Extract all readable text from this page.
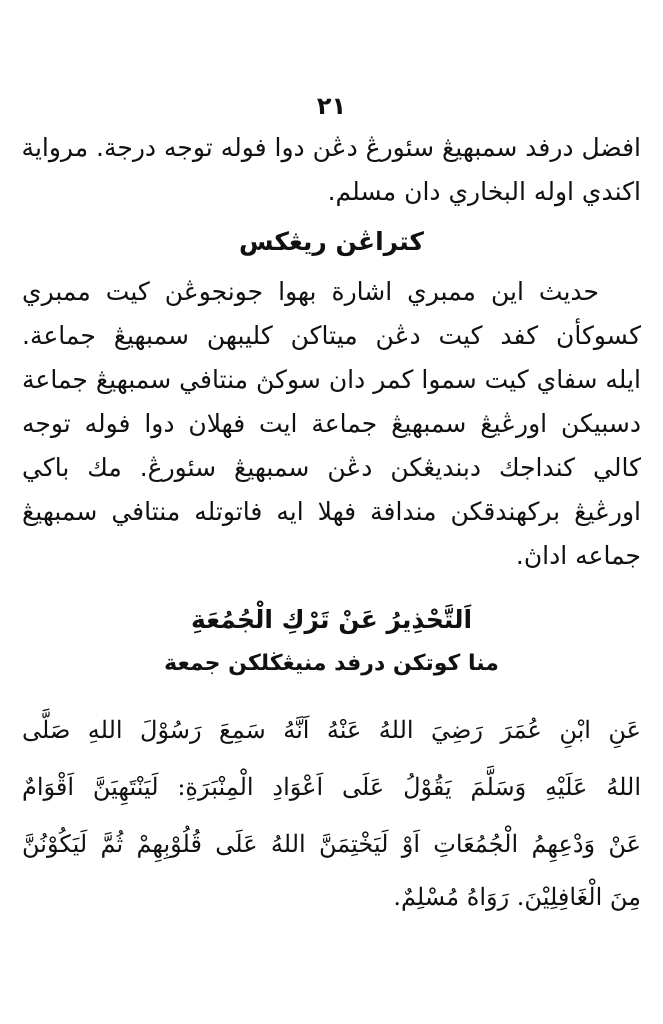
٢١
افضل درفد سمبهيڠ سئورڠ دڠن دوا فوله توجه درجة. مرواية
اكندي اوله البخاري دان مسلم.
كتراڠن ريڠكس
حديث اين ممبري اشارة بهوا جونجوڠن كيت ممبري
كسوكأن كفد كيت دڠن ميتاكن كليبهن سمبهيڠ جماعة.
ايله سفاي كيت سموا كمر دان سوكڽ منتافي سمبهيڠ جماعة
دسبيكن اورڠيڠ سمبهيڠ جماعة ايت فهلان دوا فوله توجه
كالي كنداجك دبنديڠكن دڠن سمبهيڠ سئورڠ. مك باكي
اورڠيڠ بركهندقكن مندافة فهلا ايه فاتوتله منتافي سمبهيڠ
جماعه اداڽ.
اَلتَّحْذِيرُ عَنْ تَرْكِ الْجُمُعَةِ
منا كوتكن درفد منيڠڬلكن جمعة
عَنِ ابْنِ عُمَرَ رَضِيَ اللهُ عَنْهُ اَنَّهُ سَمِعَ رَسُوْلَ اللهِ صَلَّى
اللهُ عَلَيْهِ وَسَلَّمَ يَقُوْلُ عَلَى اَعْوَادِ الْمِنْبَرَةِ: لَيَنْتَهِيَنَّ اَقْوَامٌ
عَنْ وَدْعِهِمُ الْجُمُعَاتِ اَوْ لَيَخْتِمَنَّ اللهُ عَلَى قُلُوْبِهِمْ ثُمَّ لَيَكُوْنُنَّ
مِنَ الْغَافِلِيْنَ. رَوَاهُ مُسْلِمٌ.
